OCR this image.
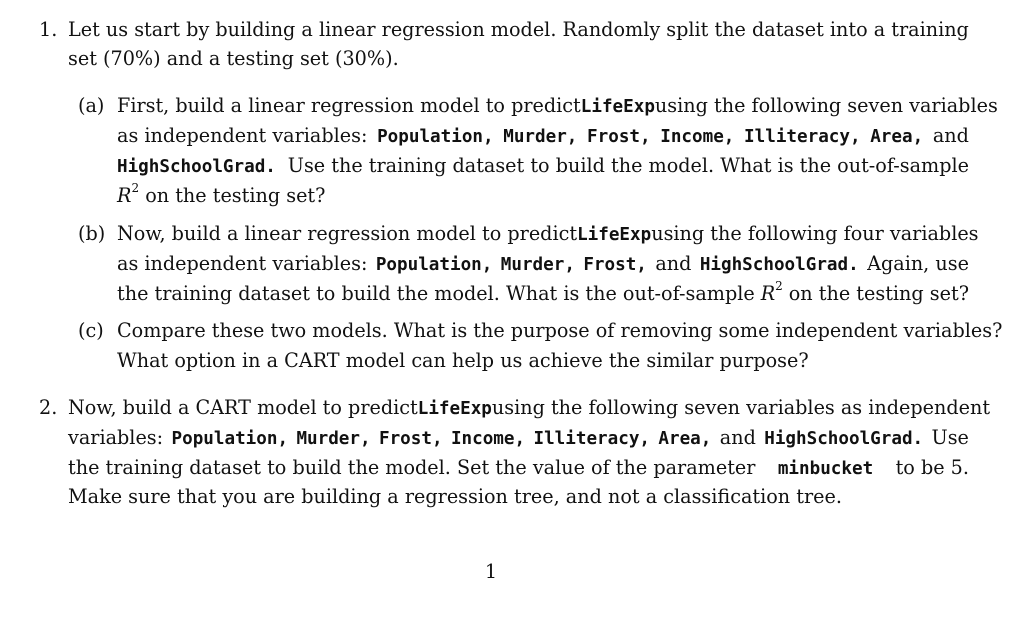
1. Let us start by building a linear regression model. Randomly split the dataset into a training
set (70%) and a testing set (30%).
(a) First, build a linear regression model to predict LifeExp using the following seven variables
as independent variables: Population, Murder, Frost, Income, Illiteracy, Area, and
HighSchoolGrad. Use the training dataset to build the model. What is the out-of-sample
$R^2$ on the testing set?
(b) Now, build a linear regression model to predict LifeExp using the following four variables
as independent variables: Population, Murder, Frost, and HighSchoolGrad. Again, use
the training dataset to build the model. What is the out-of-sample $R^2$ on the testing set?
(c) Compare these two models. What is the purpose of removing some independent variables?
What option in a CART model can help us achieve the similar purpose?
2. Now, build a CART model to predict LifeExp using the following seven variables as independent
variables: Population, Murder, Frost, Income, Illiteracy, Area, and HighSchoolGrad. Use
the training dataset to build the model. Set the value of the parameter minbucket to be 5.
Make sure that you are building a regression tree, and not a classification tree.
1
